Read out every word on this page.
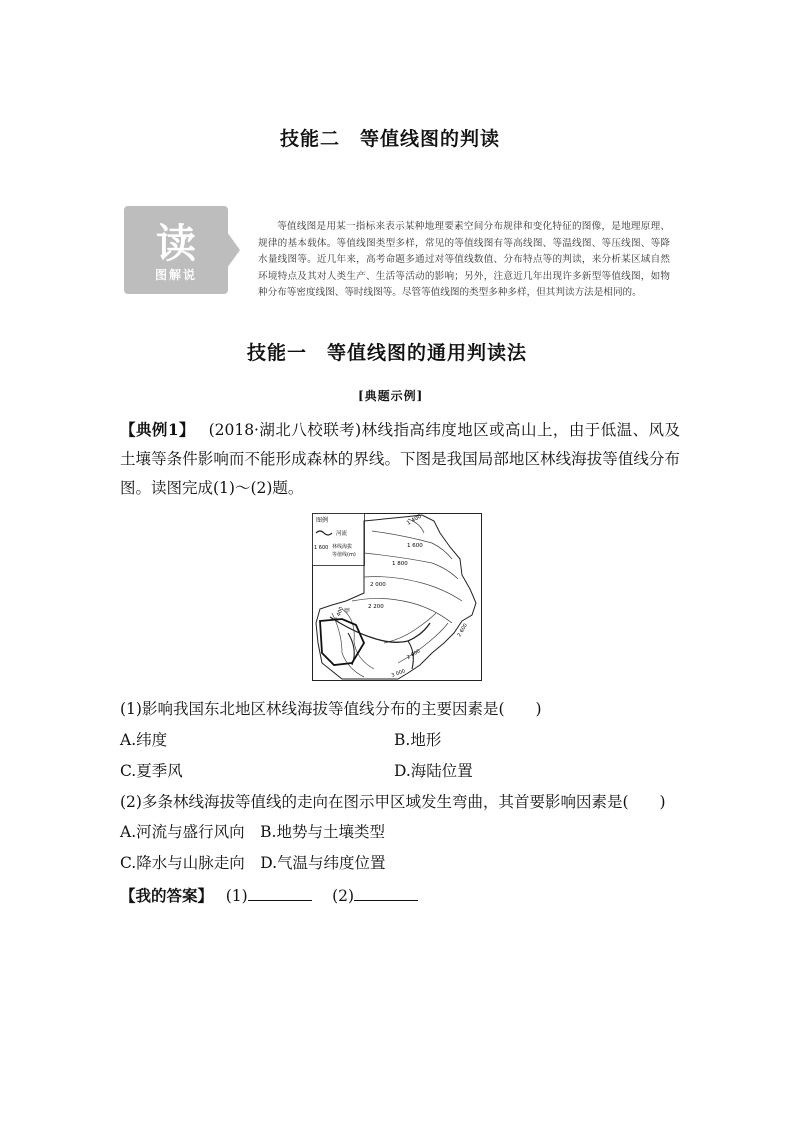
技能二　等值线图的判读
读
图解说
等值线图是用某一指标来表示某种地理要素空间分布规律和变化特征的图像，是地理原理、规律的基本载体。等值线图类型多样，常见的等值线图有等高线图、等温线图、等压线图、等降水量线图等。近几年来，高考命题多通过对等值线数值、分布特点等的判读，来分析某区域自然环境特点及其对人类生产、生活等活动的影响；另外，注意近几年出现许多新型等值线图，如物种分布等密度线图、等时线图等。尽管等值线图的类型多种多样，但其判读方法是相同的。
技能一　等值线图的通用判读法
[典题示例]
【典例1】　 (2018·湖北八校联考)林线指高纬度地区或高山上，由于低温、风及土壤等条件影响而不能形成森林的界线。下图是我国局部地区林线海拔等值线分布图。读图完成(1)～(2)题。
图例
河流
1 600 林线海拔
等值线(m)
1 400
1 600
1 800
2 000
2 200
2 400
2 600
2 800
3 000
甲
(1)影响我国东北地区林线海拔等值线分布的主要因素是(　　)
A.纬度	B.地形
C.夏季风	D.海陆位置
(2)多条林线海拔等值线的走向在图示甲区域发生弯曲，其首要影响因素是(　　)
A.河流与盛行风向　B.地势与土壤类型
C.降水与山脉走向　D.气温与纬度位置
【我的答案】　 (1)　	(2)
